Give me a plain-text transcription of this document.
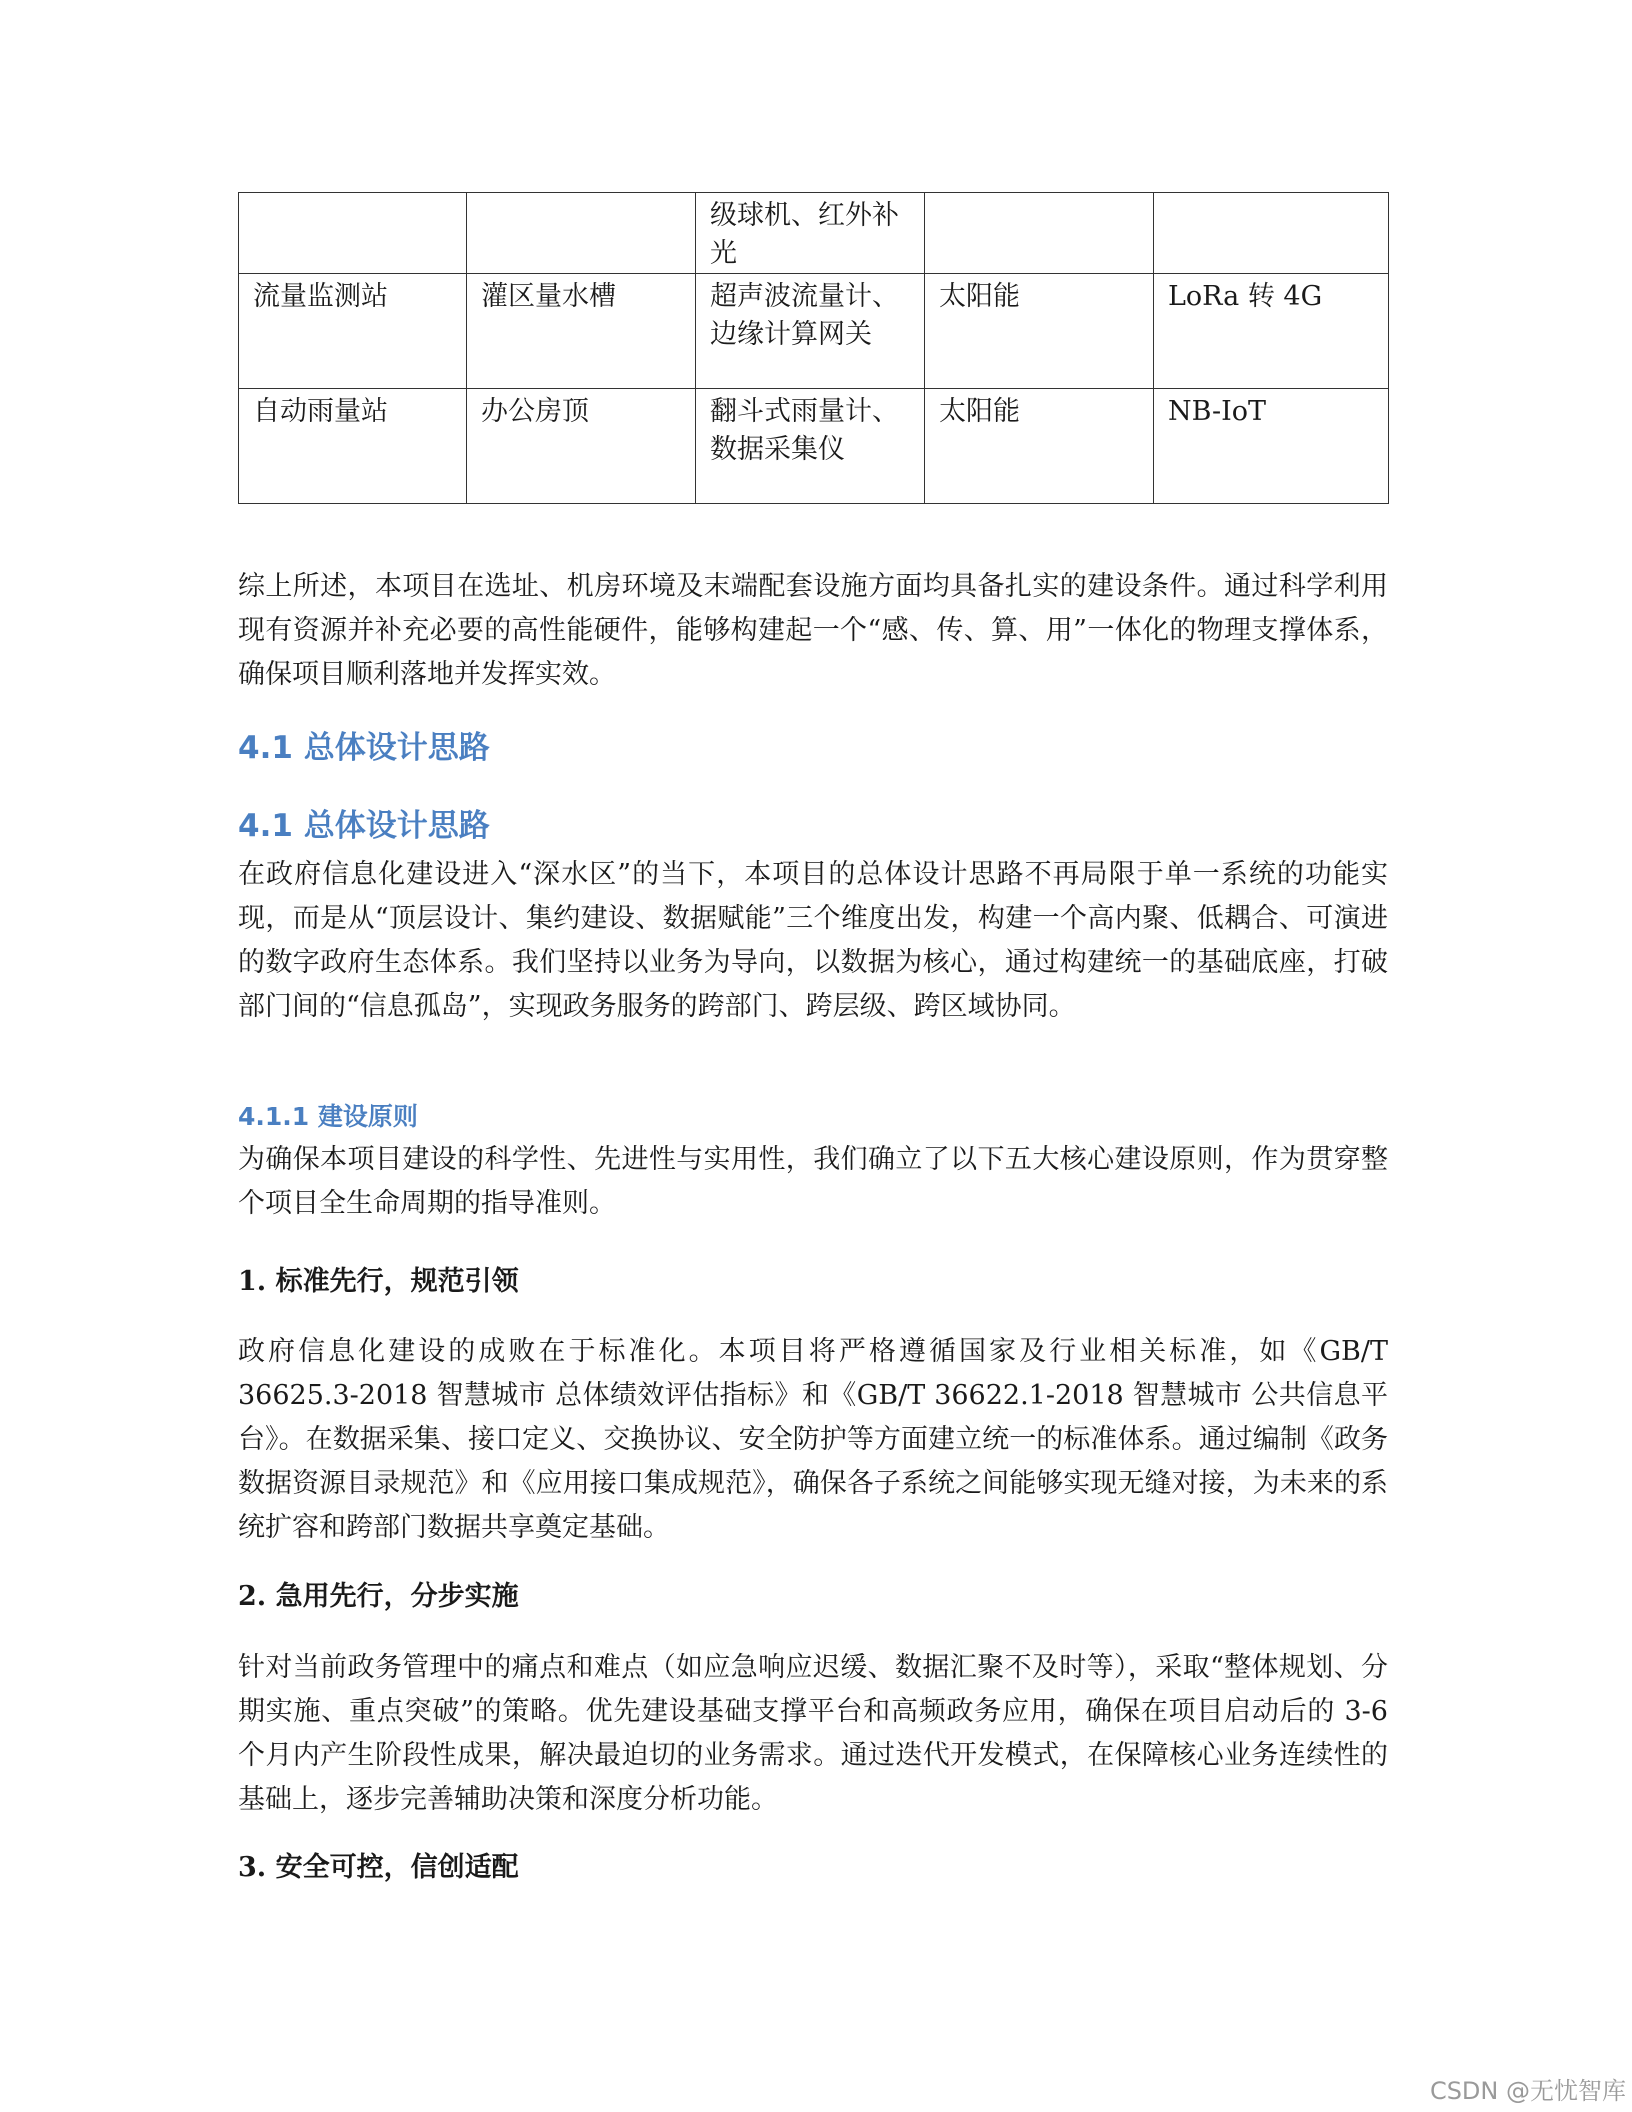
		级球机、红外补光		
流量监测站	灌区量水槽	超声波流量计、边缘计算网关	太阳能	LoRa 转 4G
自动雨量站	办公房顶	翻斗式雨量计、数据采集仪	太阳能	NB-IoT

综上所述，本项目在选址、机房环境及末端配套设施方面均具备扎实的建设条件。通过科学利用现有资源并补充必要的高性能硬件，能够构建起一个“感、传、算、用”一体化的物理支撑体系，确保项目顺利落地并发挥实效。

4.1 总体设计思路
4.1 总体设计思路

在政府信息化建设进入“深水区”的当下，本项目的总体设计思路不再局限于单一系统的功能实现，而是从“顶层设计、集约建设、数据赋能”三个维度出发，构建一个高内聚、低耦合、可演进的数字政府生态体系。我们坚持以业务为导向，以数据为核心，通过构建统一的基础底座，打破部门间的“信息孤岛”，实现政务服务的跨部门、跨层级、跨区域协同。

4.1.1 建设原则

为确保本项目建设的科学性、先进性与实用性，我们确立了以下五大核心建设原则，作为贯穿整个项目全生命周期的指导准则。

1. 标准先行，规范引领

政府信息化建设的成败在于标准化。本项目将严格遵循国家及行业相关标准，如《GB/T 36625.3-2018 智慧城市 总体绩效评估指标》和《GB/T 36622.1-2018 智慧城市 公共信息平台》。在数据采集、接口定义、交换协议、安全防护等方面建立统一的标准体系。通过编制《政务数据资源目录规范》和《应用接口集成规范》，确保各子系统之间能够实现无缝对接，为未来的系统扩容和跨部门数据共享奠定基础。

2. 急用先行，分步实施

针对当前政务管理中的痛点和难点（如应急响应迟缓、数据汇聚不及时等），采取“整体规划、分期实施、重点突破”的策略。优先建设基础支撑平台和高频政务应用，确保在项目启动后的 3-6 个月内产生阶段性成果，解决最迫切的业务需求。通过迭代开发模式，在保障核心业务连续性的基础上，逐步完善辅助决策和深度分析功能。

3. 安全可控，信创适配
CSDN @无忧智库
